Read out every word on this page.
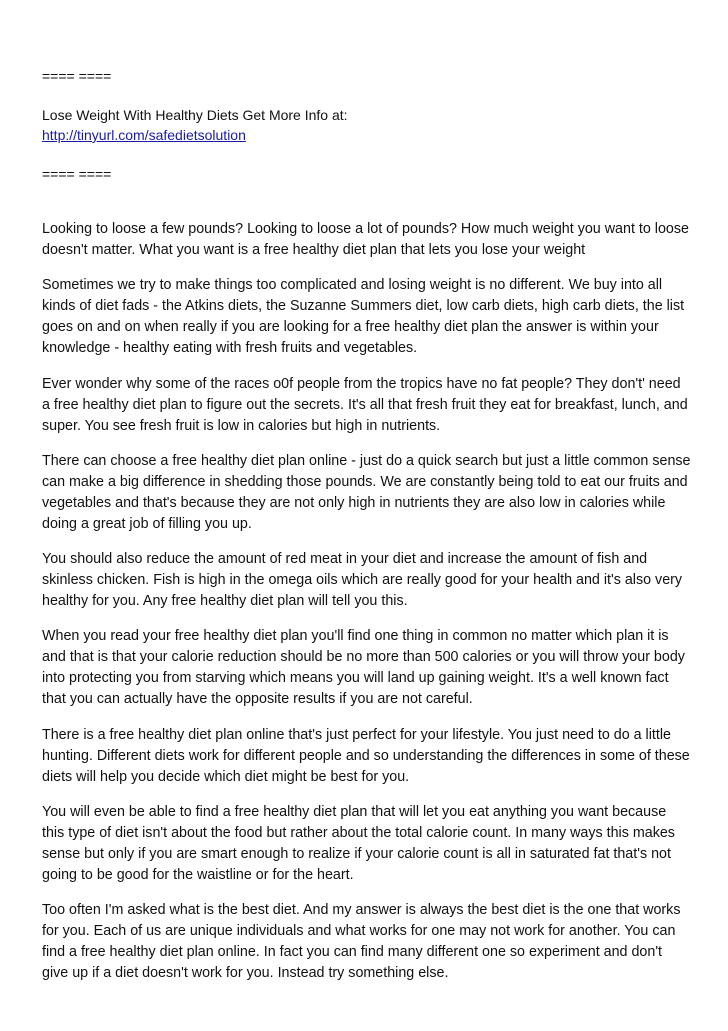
==== ====

Lose Weight With Healthy Diets Get More Info at:

http://tinyurl.com/safedietsolution

==== ====

Looking to loose a few pounds? Looking to loose a lot of pounds? How much weight you want to loose doesn't matter. What you want is a free healthy diet plan that lets you lose your weight

Sometimes we try to make things too complicated and losing weight is no different. We buy into all kinds of diet fads - the Atkins diets, the Suzanne Summers diet, low carb diets, high carb diets, the list goes on and on when really if you are looking for a free healthy diet plan the answer is within your knowledge - healthy eating with fresh fruits and vegetables.

Ever wonder why some of the races o0f people from the tropics have no fat people? They don't' need a free healthy diet plan to figure out the secrets. It's all that fresh fruit they eat for breakfast, lunch, and super. You see fresh fruit is low in calories but high in nutrients.

There can choose a free healthy diet plan online - just do a quick search but just a little common sense can make a big difference in shedding those pounds. We are constantly being told to eat our fruits and vegetables and that's because they are not only high in nutrients they are also low in calories while doing a great job of filling you up.

You should also reduce the amount of red meat in your diet and increase the amount of fish and skinless chicken. Fish is high in the omega oils which are really good for your health and it's also very healthy for you. Any free healthy diet plan will tell you this.

When you read your free healthy diet plan you'll find one thing in common no matter which plan it is and that is that your calorie reduction should be no more than 500 calories or you will throw your body into protecting you from starving which means you will land up gaining weight. It's a well known fact that you can actually have the opposite results if you are not careful.

There is a free healthy diet plan online that's just perfect for your lifestyle. You just need to do a little hunting. Different diets work for different people and so understanding the differences in some of these diets will help you decide which diet might be best for you.

You will even be able to find a free healthy diet plan that will let you eat anything you want because this type of diet isn't about the food but rather about the total calorie count. In many ways this makes sense but only if you are smart enough to realize if your calorie count is all in saturated fat that's not going to be good for the waistline or for the heart.

Too often I'm asked what is the best diet. And my answer is always the best diet is the one that works for you. Each of us are unique individuals and what works for one may not work for another. You can find a free healthy diet plan online. In fact you can find many different one so experiment and don't give up if a diet doesn't work for you. Instead try something else.
